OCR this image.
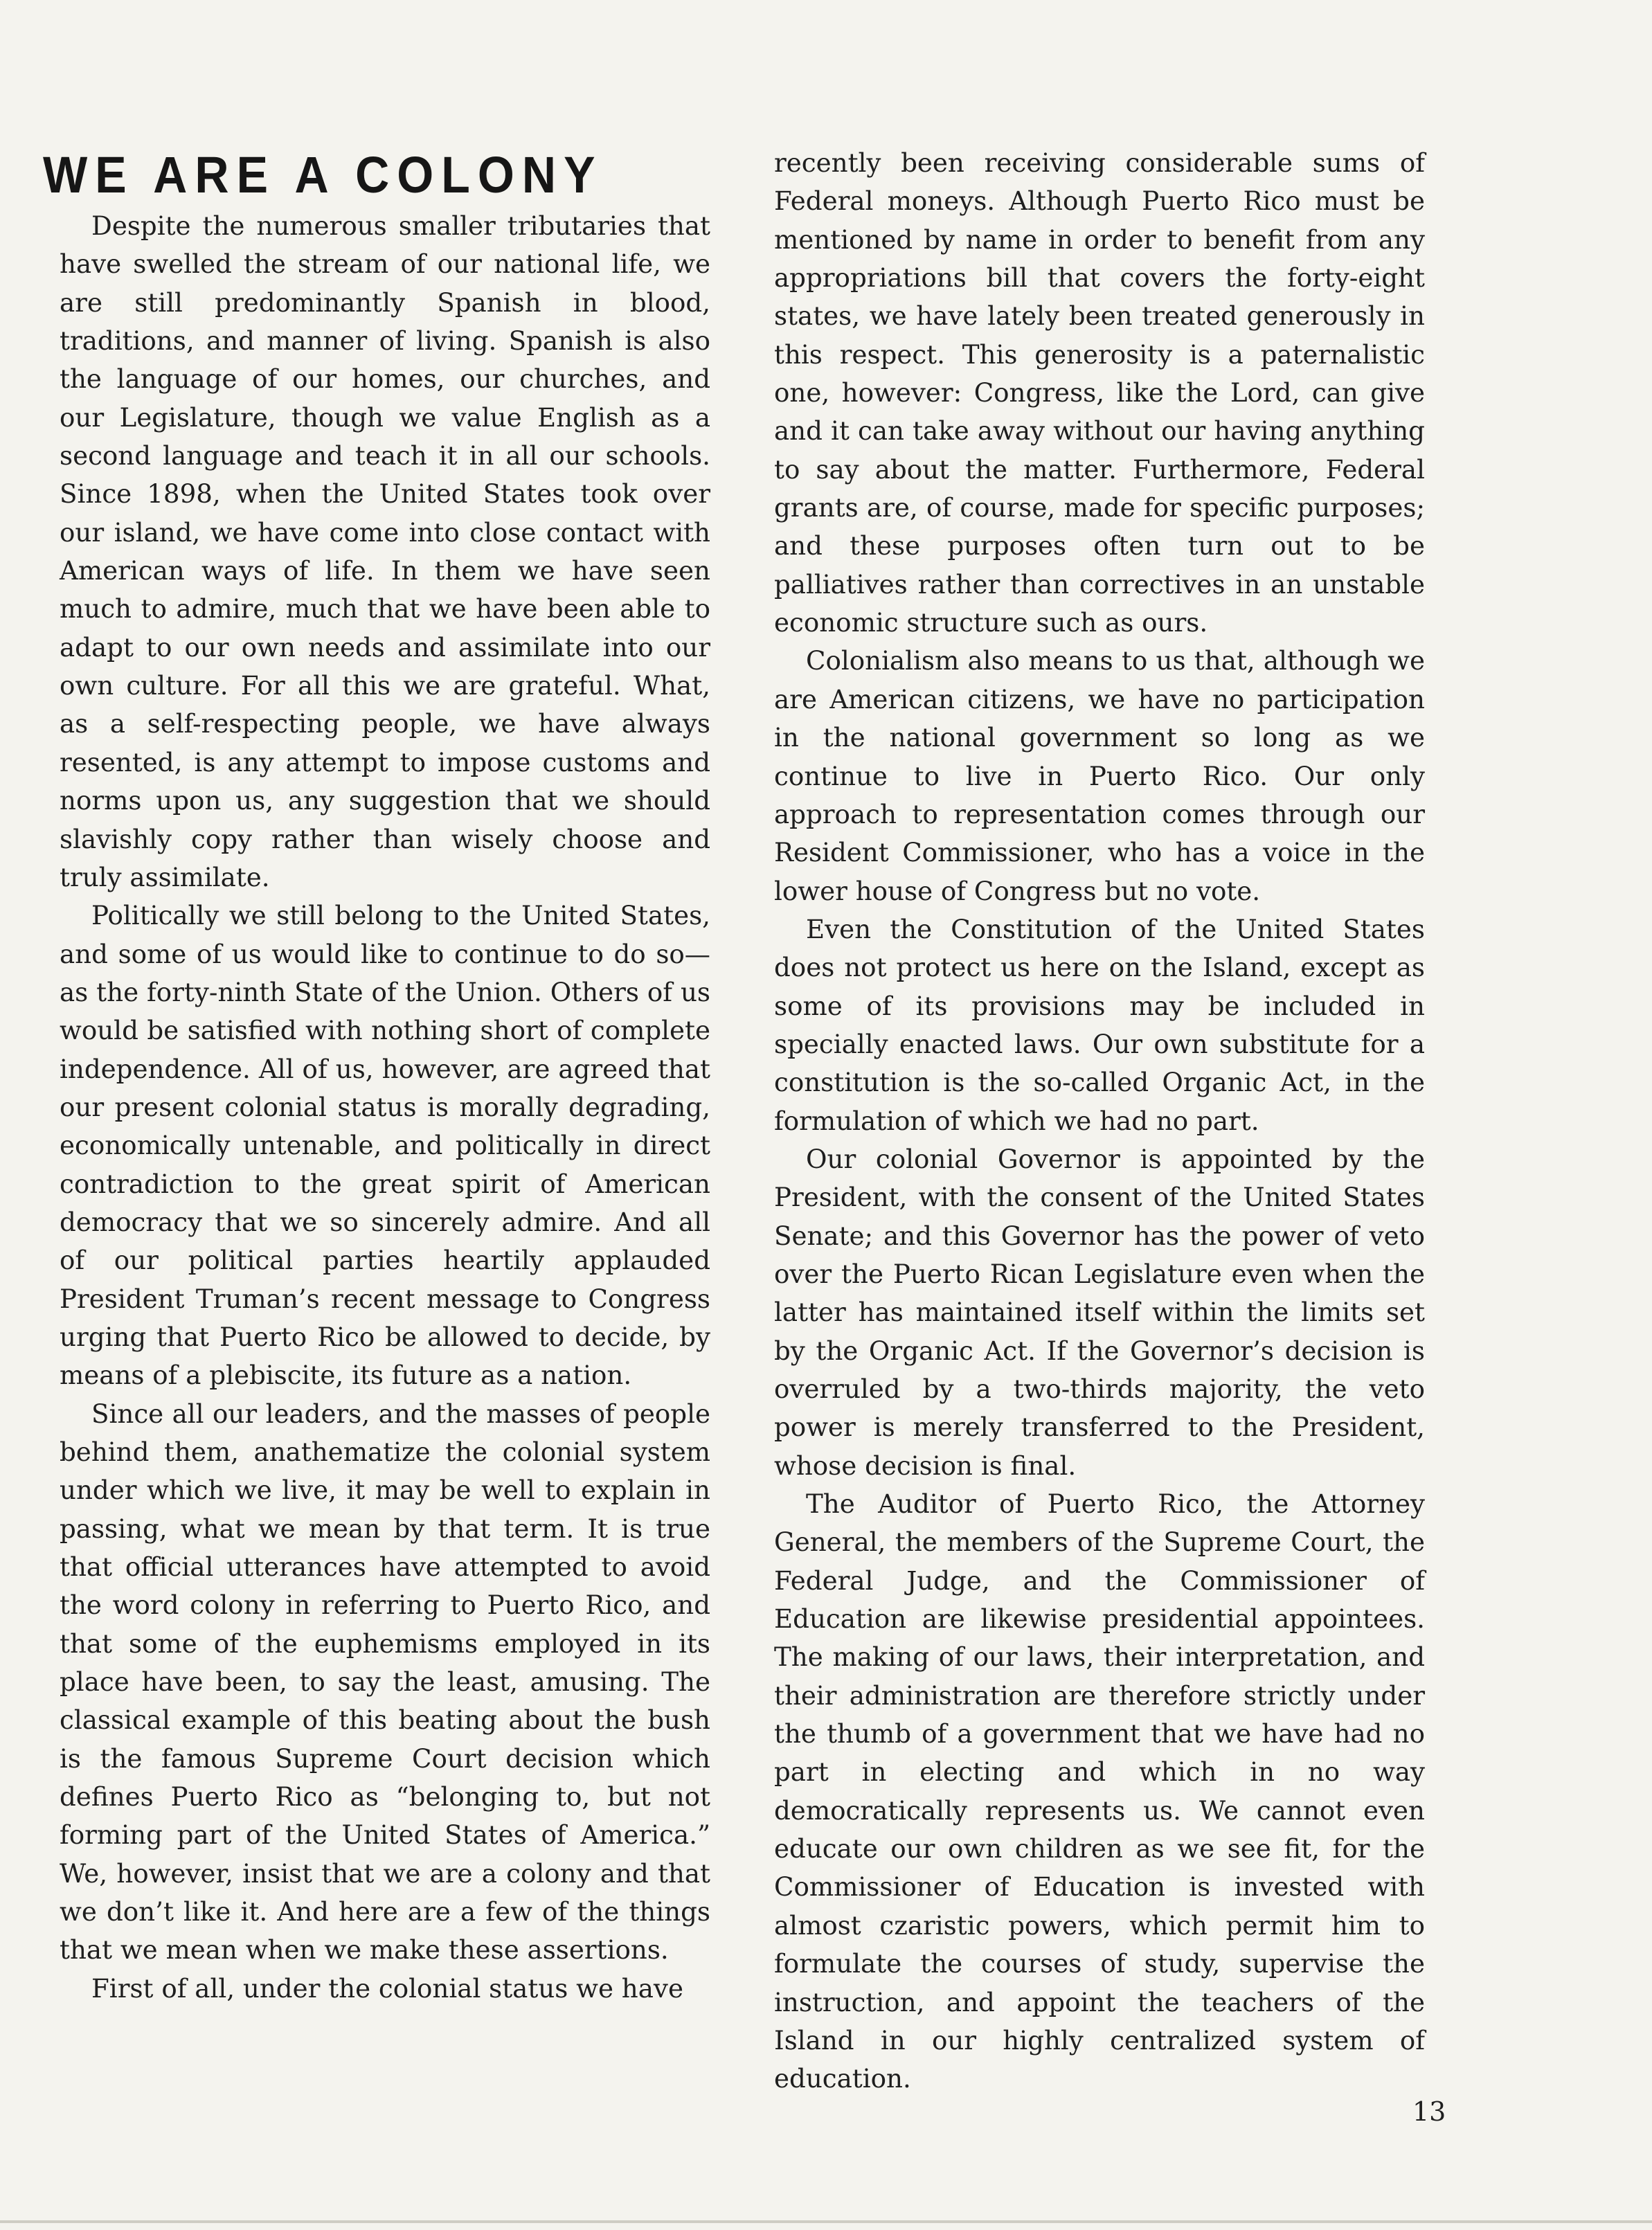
WE ARE A COLONY

Despite the numerous smaller tributaries that have swelled the stream of our national life, we are still predominantly Spanish in blood, traditions, and manner of living. Spanish is also the language of our homes, our churches, and our Legislature, though we value English as a second language and teach it in all our schools. Since 1898, when the United States took over our island, we have come into close contact with American ways of life. In them we have seen much to admire, much that we have been able to adapt to our own needs and assimilate into our own culture. For all this we are grateful. What, as a self-respecting people, we have always resented, is any attempt to impose customs and norms upon us, any suggestion that we should slavishly copy rather than wisely choose and truly assimilate.

Politically we still belong to the United States, and some of us would like to continue to do so— as the forty-ninth State of the Union. Others of us would be satisfied with nothing short of complete independence. All of us, however, are agreed that our present colonial status is morally degrading, economically untenable, and politically in direct contradiction to the great spirit of American democracy that we so sincerely admire. And all of our political parties heartily applauded President Truman’s recent message to Congress urging that Puerto Rico be allowed to decide, by means of a plebiscite, its future as a nation.

Since all our leaders, and the masses of people behind them, anathematize the colonial system under which we live, it may be well to explain in passing, what we mean by that term. It is true that official utterances have attempted to avoid the word colony in referring to Puerto Rico, and that some of the euphemisms employed in its place have been, to say the least, amusing. The classical example of this beating about the bush is the famous Supreme Court decision which defines Puerto Rico as “belonging to, but not forming part of the United States of America.” We, however, insist that we are a colony and that we don’t like it. And here are a few of the things that we mean when we make these assertions.

First of all, under the colonial status we have

recently been receiving considerable sums of Federal moneys. Although Puerto Rico must be mentioned by name in order to benefit from any appropriations bill that covers the forty-eight states, we have lately been treated generously in this respect. This generosity is a paternalistic one, however: Congress, like the Lord, can give and it can take away without our having anything to say about the matter. Furthermore, Federal grants are, of course, made for specific purposes; and these purposes often turn out to be palliatives rather than correctives in an unstable economic structure such as ours.

Colonialism also means to us that, although we are American citizens, we have no participation in the national government so long as we continue to live in Puerto Rico. Our only approach to representation comes through our Resident Commissioner, who has a voice in the lower house of Congress but no vote.

Even the Constitution of the United States does not protect us here on the Island, except as some of its provisions may be included in specially enacted laws. Our own substitute for a constitution is the so-called Organic Act, in the formulation of which we had no part.

Our colonial Governor is appointed by the President, with the consent of the United States Senate; and this Governor has the power of veto over the Puerto Rican Legislature even when the latter has maintained itself within the limits set by the Organic Act. If the Governor’s decision is overruled by a two-thirds majority, the veto power is merely transferred to the President, whose decision is final.

The Auditor of Puerto Rico, the Attorney General, the members of the Supreme Court, the Federal Judge, and the Commissioner of Education are likewise presidential appointees. The making of our laws, their interpretation, and their administration are therefore strictly under the thumb of a government that we have had no part in electing and which in no way democratically represents us. We cannot even educate our own children as we see fit, for the Commissioner of Education is invested with almost czaristic powers, which permit him to formulate the courses of study, supervise the instruction, and appoint the teachers of the Island in our highly centralized system of education.

13
